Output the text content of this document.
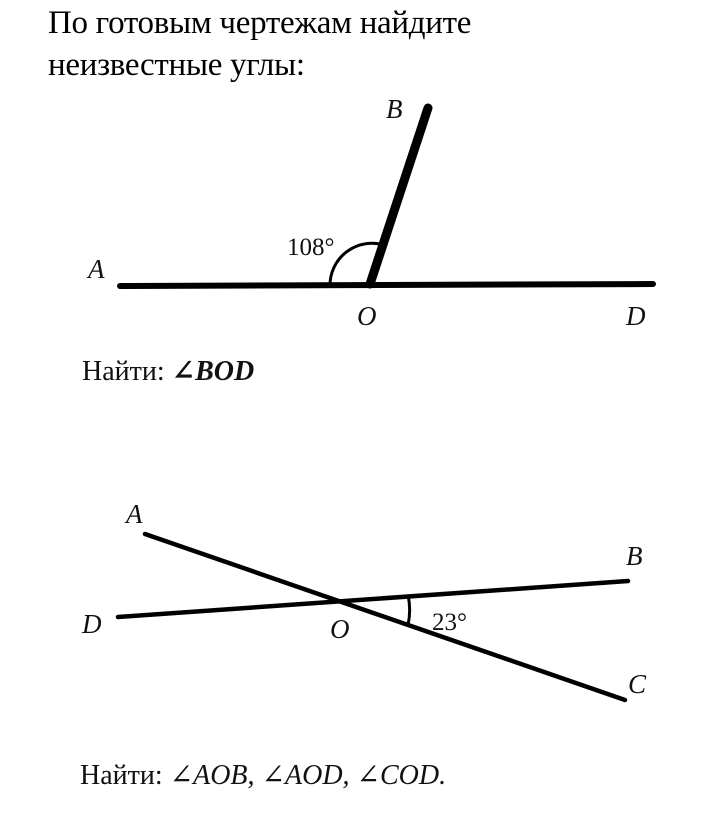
По готовым чертежам найдите
неизвестные углы:
A
B
O	D
108°
Найти: ∠BOD
A
B
C
D	O	23°
Найти: ∠AOB, ∠AOD, ∠COD.
